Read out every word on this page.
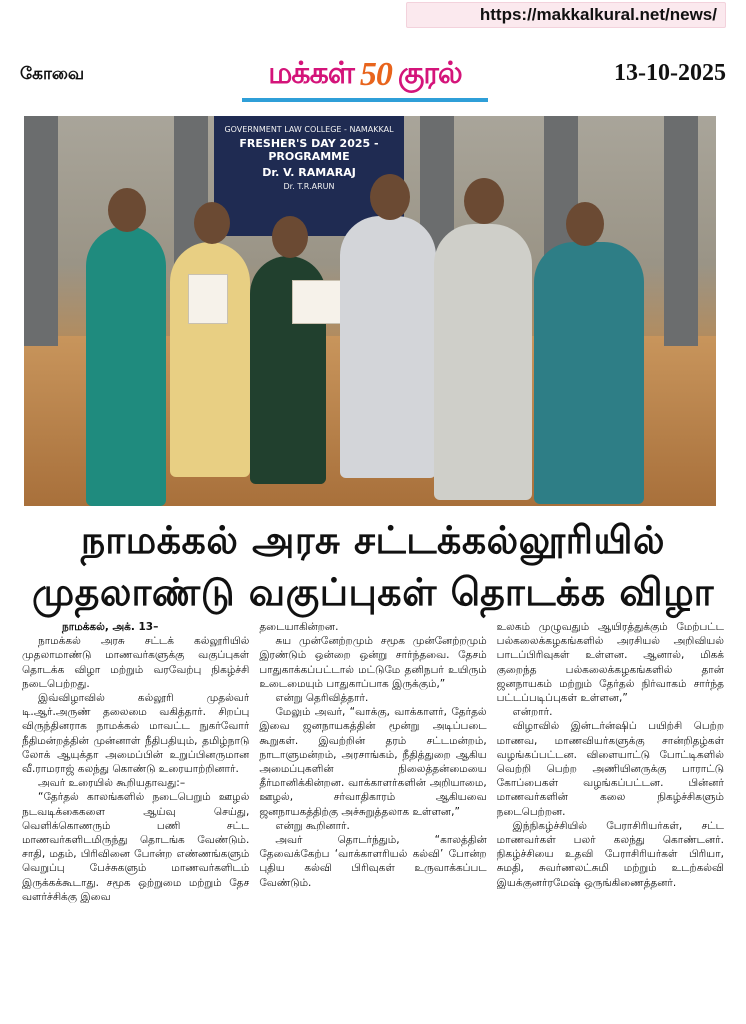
https://makkalkural.net/news/
கோவை	மக்கள் 50 குரல்	13-10-2025
GOVERNMENT LAW COLLEGE - NAMAKKAL
FRESHER'S DAY 2025 - PROGRAMME
Dr. V. RAMARAJ
Dr. T.R.ARUN
நாமக்கல் அரசு சட்டக்கல்லூரியில்
முதலாண்டு வகுப்புகள் தொடக்க விழா

நாமக்கல், அக். 13–

நாமக்கல் அரசு சட்டக் கல்லூரியில் முதலாமாண்டு மாணவர்களுக்கு வகுப்புகள் தொடக்க விழா மற்றும் வரவேற்பு நிகழ்ச்சி நடைபெற்றது.

இவ்விழாவில் கல்லூரி முதல்வர் டி.ஆர்.அருண் தலைமை வகித்தார். சிறப்பு விருந்தினராக நாமக்கல் மாவட்ட நுகர்வோர் நீதிமன்றத்தின் முன்னாள் நீதிபதியும், தமிழ்நாடு லோக் ஆயுக்தா அமைப்பின் உறுப்பினருமான வீ.ராமராஜ் கலந்து கொண்டு உரையாற்றினார்.

அவர் உரையில் கூறியதாவது:–

“தேர்தல் காலங்களில் நடைபெறும் ஊழல் நடவடிக்கைகளை ஆய்வு செய்து, வெளிக்கொணரும் பணி சட்ட மாணவர்களிடமிருந்து தொடங்க வேண்டும். சாதி, மதம், பிரிவினை போன்ற எண்ணங்களும் வெறுப்பு பேச்சுகளும் மாணவர்களிடம் இருக்கக்கூடாது. சமூக ஒற்றுமை மற்றும் தேச வளர்ச்சிக்கு இவை

தடையாகின்றன.

சுய முன்னேற்றமும் சமூக முன்னேற்றமும் இரண்டும் ஒன்றை ஒன்று சார்ந்தவை. தேசம் பாதுகாக்கப்பட்டால் மட்டுமே தனிநபர் உயிரும் உடைமையும் பாதுகாப்பாக இருக்கும்,”

என்று தெரிவித்தார்.

மேலும் அவர், “வாக்கு, வாக்காளர், தேர்தல் இவை ஜனநாயகத்தின் மூன்று அடிப்படை கூறுகள். இவற்றின் தரம் சட்டமன்றம், நாடாளுமன்றம், அரசாங்கம், நீதித்துறை ஆகிய அமைப்புகளின் நிலைத்தன்மையை தீர்மானிக்கின்றன. வாக்காளர்களின் அறியாமை, ஊழல், சர்வாதிகாரம் ஆகியவை ஜனநாயகத்திற்கு அச்சுறுத்தலாக உள்ளன,”

என்று கூறினார்.

அவர் தொடர்ந்தும், “காலத்தின் தேவைக்கேற்ப ‘வாக்காளரியல் கல்வி’ போன்ற புதிய கல்வி பிரிவுகள் உருவாக்கப்பட வேண்டும்.

உலகம் முழுவதும் ஆயிரத்துக்கும் மேற்பட்ட பல்கலைக்கழகங்களில் அரசியல் அறிவியல் பாடப்பிரிவுகள் உள்ளன. ஆனால், மிகக் குறைந்த பல்கலைக்கழகங்களில் தான் ஜனநாயகம் மற்றும் தேர்தல் நிர்வாகம் சார்ந்த பட்டப்படிப்புகள் உள்ளன,”

என்றார்.

விழாவில் இன்டர்ன்ஷிப் பயிற்சி பெற்ற மாணவ, மாணவியர்களுக்கு சான்றிதழ்கள் வழங்கப்பட்டன. விளையாட்டு போட்டிகளில் வெற்றி பெற்ற அணியினருக்கு பாராட்டு கோப்பைகள் வழங்கப்பட்டன. பின்னர் மாணவர்களின் கலை நிகழ்ச்சிகளும் நடைபெற்றன.

இந்நிகழ்ச்சியில் பேராசிரியர்கள், சட்ட மாணவர்கள் பலர் கலந்து கொண்டனர். நிகழ்ச்சியை உதவி பேராசிரியர்கள் பிரியா, சுமதி, சுவர்ணலட்சுமி மற்றும் உடற்கல்வி இயக்குனர்ரமேஷ் ஒருங்கிணைத்தனர்.
